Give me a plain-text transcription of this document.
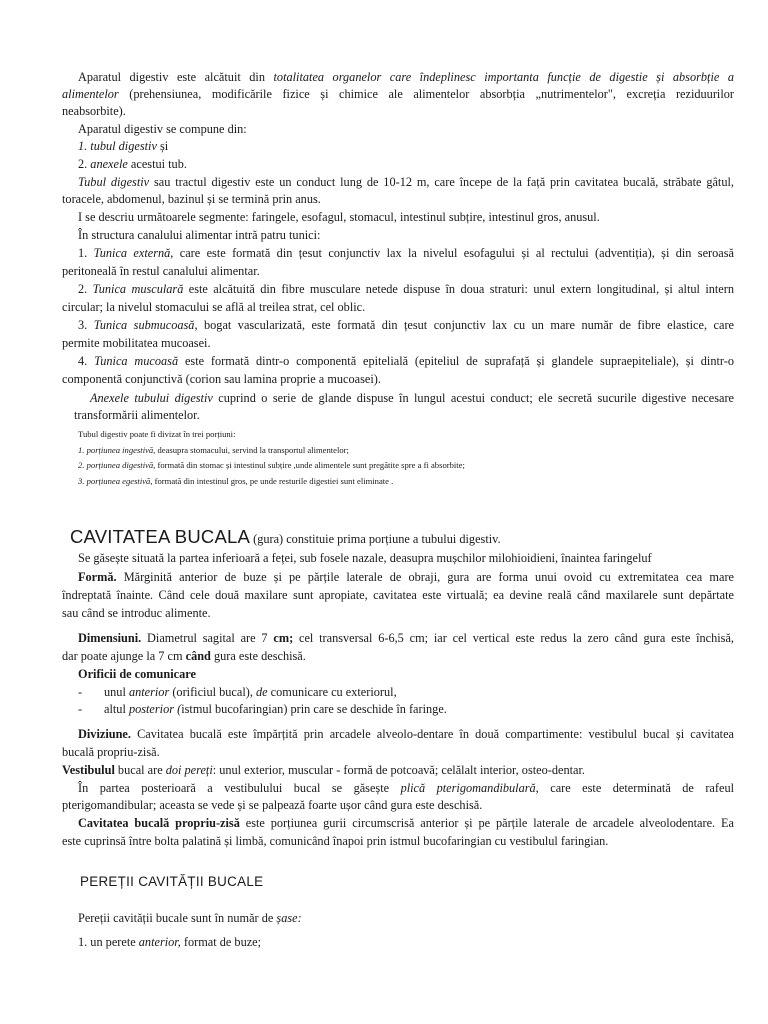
Aparatul digestiv este alcătuit din totalitatea organelor care îndeplinesc importanta funcție de digestie și absorbție a
alimentelor (prehensiunea, modificările fizice și chimice ale alimentelor absorbția „nutrimentelor", excreția reziduurilor
neabsorbite).
Aparatul digestiv se compune din:
1. tubul digestiv și
2. anexele acestui tub.
Tubul digestiv sau tractul digestiv este un conduct lung de 10-12 m, care începe de la față prin cavitatea bucală, străbate gâtul,
toracele, abdomenul, bazinul și se termină prin anus.
I se descriu următoarele segmente: faringele, esofagul, stomacul, intestinul subțire, intestinul gros, anusul.
În structura canalului alimentar intră patru tunici:
1. Tunica externă, care este formată din țesut conjunctiv lax la nivelul esofagului și al rectului (adventiția), și din seroasă
peritoneală în restul canalului alimentar.
2. Tunica musculară este alcătuită din fibre musculare netede dispuse în doua straturi: unul extern longitudinal, și altul intern
circular; la nivelul stomacului se află al treilea strat, cel oblic.
3. Tunica submucoasă, bogat vascularizată, este formată din țesut conjunctiv lax cu un mare număr de fibre elastice, care
permite mobilitatea mucoasei.
4. Tunica mucoasă este formată dintr-o componentă epitelială (epiteliul de suprafață și glandele supraepiteliale), și dintr-o
componentă conjunctivă (corion sau lamina proprie a mucoasei).
Anexele tubului digestiv cuprind o serie de glande dispuse în lungul acestui conduct; ele secretă sucurile digestive necesare
transformării alimentelor.
Tubul digestiv poate fi divizat în trei porțiuni:
1. porțiunea ingestivă, deasupra stomacului, servind la transportul alimentelor;
2. porțiunea digestivă, formată din stomac și intestinul subțire ,unde alimentele sunt pregătite spre a fi absorbite;
3. porțiunea egestivă, formată din intestinul gros, pe unde resturile digestiei sunt eliminate .
CAVITATEA BUCALA (gura) constituie prima porțiune a tubului digestiv.
Se găsește situată la partea inferioară a feței, sub fosele nazale, deasupra mușchilor milohioidieni, înaintea faringeluf
Formă. Mărginită anterior de buze și pe părțile laterale de obraji, gura are forma unui ovoid cu extremitatea cea mare
îndreptată înainte. Când cele două maxilare sunt apropiate, cavitatea este virtuală; ea devine reală când maxilarele sunt depărtate
sau când se introduc alimente.
Dimensiuni. Diametrul sagital are 7 cm; cel transversal 6-6,5 cm; iar cel vertical este redus la zero când gura este închisă,
dar poate ajunge la 7 cm când gura este deschisă.
Orificii de comunicare
- unul anterior (orificiul bucal), de comunicare cu exteriorul,
- altul posterior (istmul bucofaringian) prin care se deschide în faringe.
Diviziune. Cavitatea bucală este împărțită prin arcadele alveolo-dentare în două compartimente: vestibulul bucal și cavitatea
bucală propriu-zisă.
Vestibulul bucal are doi pereți: unul exterior, muscular - formă de potcoavă; celălalt interior, osteo-dentar.
În partea posterioară a vestibulului bucal se găsește plică pterigomandibulară, care este determinată de rafeul
pterigomandibular; aceasta se vede și se palpează foarte ușor când gura este deschisă.
Cavitatea bucală propriu-zisă este porțiunea gurii circumscrisă anterior și pe părțile laterale de arcadele alveolodentare. Ea
este cuprinsă între bolta palatină și limbă, comunicând înapoi prin istmul bucofaringian cu vestibulul faringian.
PEREȚII CAVITĂȚII BUCALE
Pereții cavității bucale sunt în număr de șase:
1. un perete anterior, format de buze;
